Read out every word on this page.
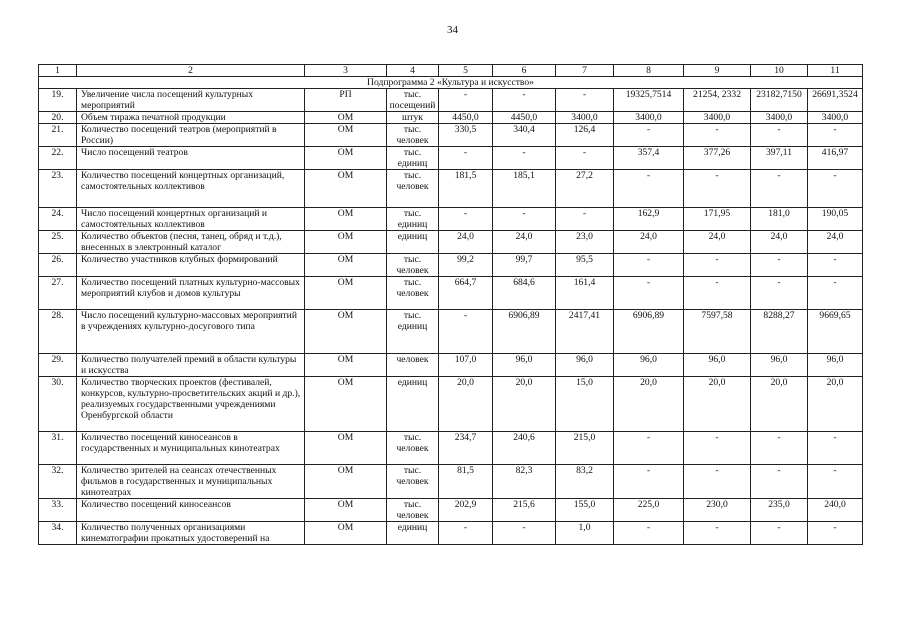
34
1	2	3	4	5	6	7	8	9	10	11
Подпрограмма 2 «Культура и искусство»										
19.	Увеличение числа посещений культурных мероприятий	РП	тыс. посещений	-	-	-	19325,7514	21254, 2332	23182,7150	26691,3524
20.	Объем тиража печатной продукции	ОМ	штук	4450,0	4450,0	3400,0	3400,0	3400,0	3400,0	3400,0
21.	Количество посещений театров (мероприятий в России)	ОМ	тыс. человек	330,5	340,4	126,4	-	-	-	-
22.	Число посещений театров	ОМ	тыс. единиц	-	-	-	357,4	377,26	397,11	416,97
23.	Количество посещений концертных организаций, самостоятельных коллективов	ОМ	тыс. человек	181,5	185,1	27,2	-	-	-	-
24.	Число посещений концертных организаций и самостоятельных коллективов	ОМ	тыс. единиц	-	-	-	162,9	171,95	181,0	190,05
25.	Количество объектов (песня, танец, обряд и т.д.), внесенных в электронный каталог	ОМ	единиц	24,0	24,0	23,0	24,0	24,0	24,0	24,0
26.	Количество участников клубных формирований	ОМ	тыс. человек	99,2	99,7	95,5	-	-	-	-
27.	Количество посещений платных культурно-массовых мероприятий клубов и домов культуры	ОМ	тыс. человек	664,7	684,6	161,4	-	-	-	-
28.	Число посещений культурно-массовых мероприятий в учреждениях культурно-досугового типа	ОМ	тыс. единиц	-	6906,89	2417,41	6906,89	7597,58	8288,27	9669,65
29.	Количество получателей премий в области культуры и искусства	ОМ	человек	107,0	96,0	96,0	96,0	96,0	96,0	96,0
30.	Количество творческих проектов (фестивалей, конкурсов, культурно-просветительских акций и др.), реализуемых государственными учреждениями Оренбургской области	ОМ	единиц	20,0	20,0	15,0	20,0	20,0	20,0	20,0
31.	Количество посещений киносеансов в государственных и муниципальных кинотеатрах	ОМ	тыс. человек	234,7	240,6	215,0	-	-	-	-
32.	Количество зрителей на сеансах отечественных фильмов в государственных и муниципальных кинотеатрах	ОМ	тыс. человек	81,5	82,3	83,2	-	-	-	-
33.	Количество посещений киносеансов	ОМ	тыс. человек	202,9	215,6	155,0	225,0	230,0	235,0	240,0
34.	Количество полученных организациями кинематографии прокатных удостоверений на	ОМ	единиц	-	-	1,0	-	-	-	-
